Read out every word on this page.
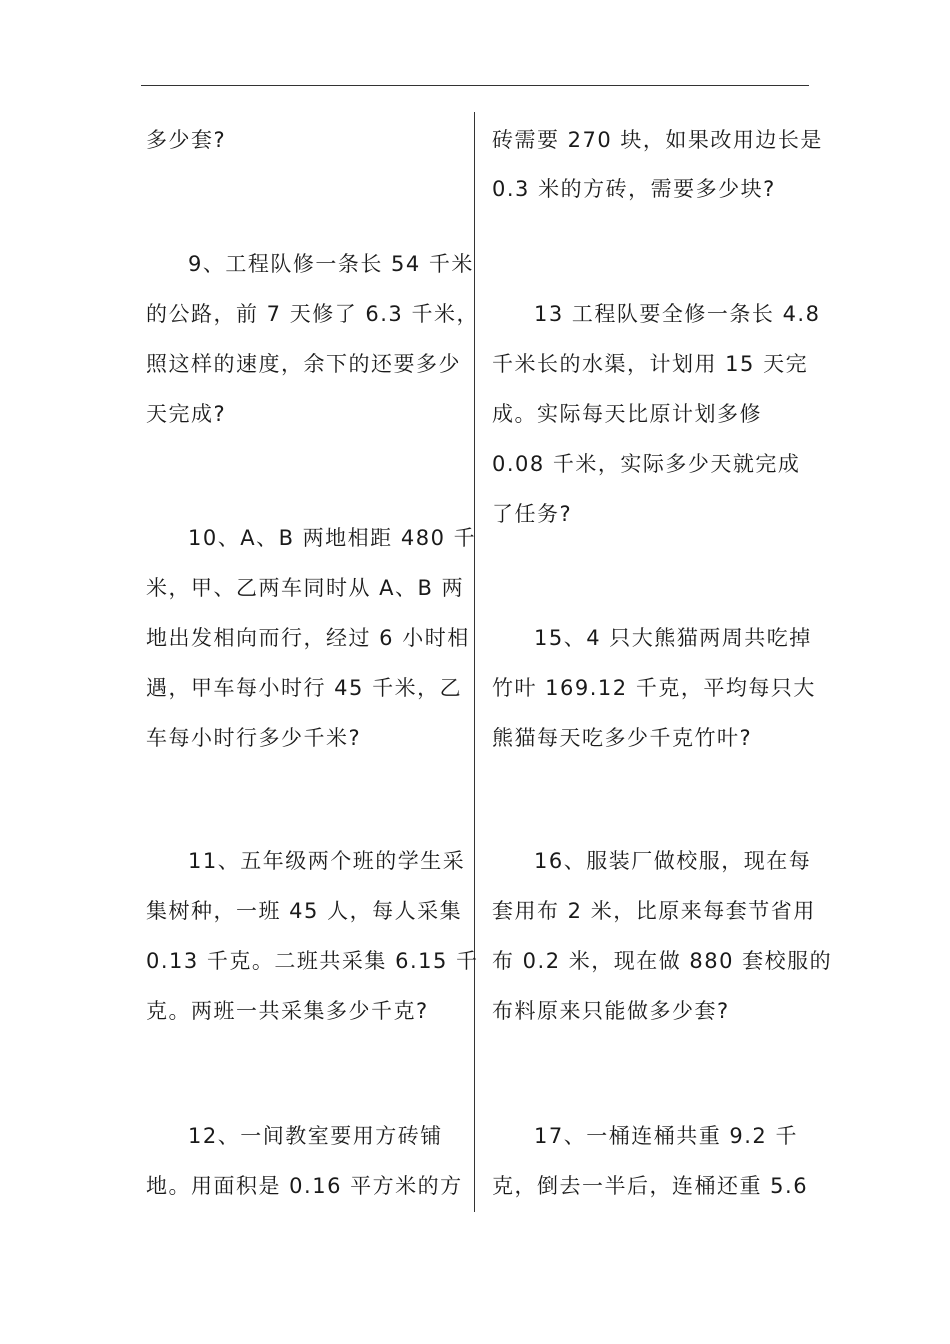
多少套?
9、工程队修一条长 54 千米
的公路，前 7 天修了 6.3 千米，
照这样的速度，余下的还要多少
天完成?
10、A、B 两地相距 480 千
米，甲、乙两车同时从 A、B 两
地出发相向而行，经过 6 小时相
遇，甲车每小时行 45 千米，乙
车每小时行多少千米?
11、五年级两个班的学生采
集树种，一班 45 人，每人采集
0.13 千克。二班共采集 6.15 千
克。两班一共采集多少千克?
12、一间教室要用方砖铺
地。用面积是 0.16 平方米的方
砖需要 270 块，如果改用边长是
0.3 米的方砖，需要多少块?
13 工程队要全修一条长 4.8
千米长的水渠，计划用 15 天完
成。实际每天比原计划多修
0.08 千米，实际多少天就完成
了任务?
15、4 只大熊猫两周共吃掉
竹叶 169.12 千克，平均每只大
熊猫每天吃多少千克竹叶?
16、服装厂做校服，现在每
套用布 2 米，比原来每套节省用
布 0.2 米，现在做 880 套校服的
布料原来只能做多少套?
17、一桶连桶共重 9.2 千
克，倒去一半后，连桶还重 5.6
